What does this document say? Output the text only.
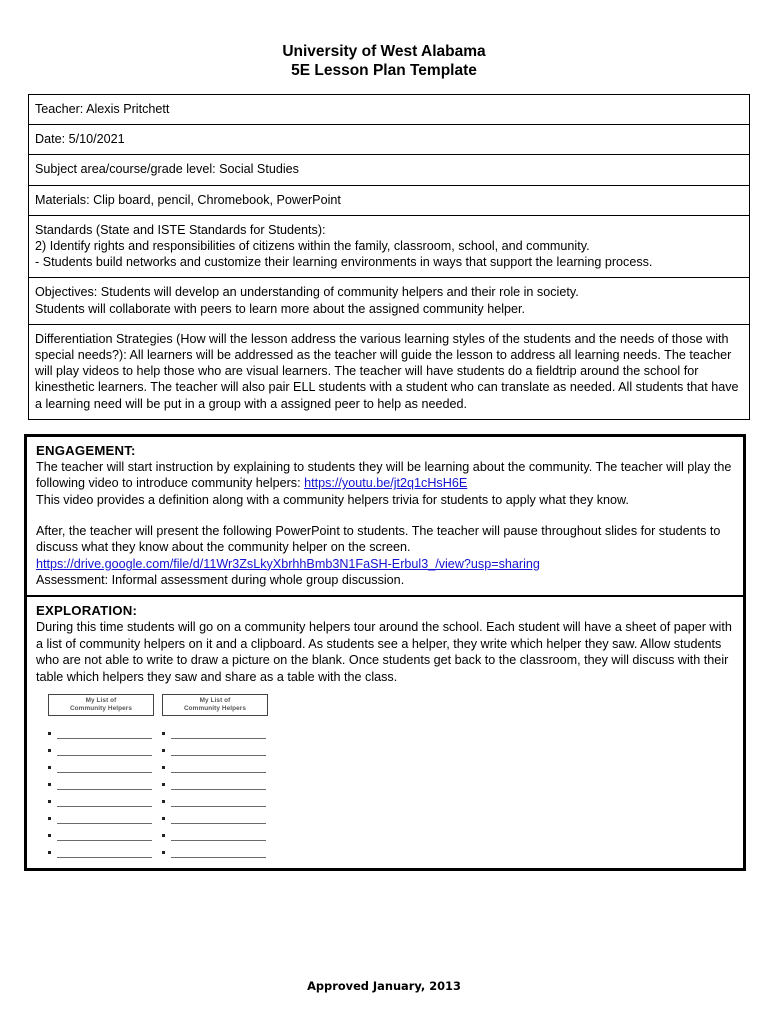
University of West Alabama
5E Lesson Plan Template

Teacher: Alexis Pritchett

Date: 5/10/2021

Subject area/course/grade level: Social Studies

Materials: Clip board, pencil, Chromebook, PowerPoint

Standards (State and ISTE Standards for Students):

2) Identify rights and responsibilities of citizens within the family, classroom, school, and community.

- Students build networks and customize their learning environments in ways that support the learning process.

Objectives: Students will develop an understanding of community helpers and their role in society.

Students will collaborate with peers to learn more about the assigned community helper.

Differentiation Strategies (How will the lesson address the various learning styles of the students and the needs of those with special needs?): All learners will be addressed as the teacher will guide the lesson to address all learning needs. The teacher will play videos to help those who are visual learners. The teacher will have students do a fieldtrip around the school for kinesthetic learners. The teacher will also pair ELL students with a student who can translate as needed. All students that have a learning need will be put in a group with a assigned peer to help as needed.

ENGAGEMENT:

The teacher will start instruction by explaining to students they will be learning about the community. The teacher will play the following video to introduce community helpers: https://youtu.be/jt2q1cHsH6E

This video provides a definition along with a community helpers trivia for students to apply what they know.

After, the teacher will present the following PowerPoint to students. The teacher will pause throughout slides for students to discuss what they know about the community helper on the screen.

https://drive.google.com/file/d/11Wr3ZsLkyXbrhhBmb3N1FaSH-Erbul3_/view?usp=sharing

Assessment: Informal assessment during whole group discussion.

EXPLORATION:

During this time students will go on a community helpers tour around the school. Each student will have a sheet of paper with a list of community helpers on it and a clipboard. As students see a helper, they write which helper they saw. Allow students who are not able to write to draw a picture on the blank. Once students get back to the classroom, they will discuss with their table which helpers they saw and share as a table with the class.

My List of
Community Helpers
My List of
Community Helpers
Approved January, 2013
